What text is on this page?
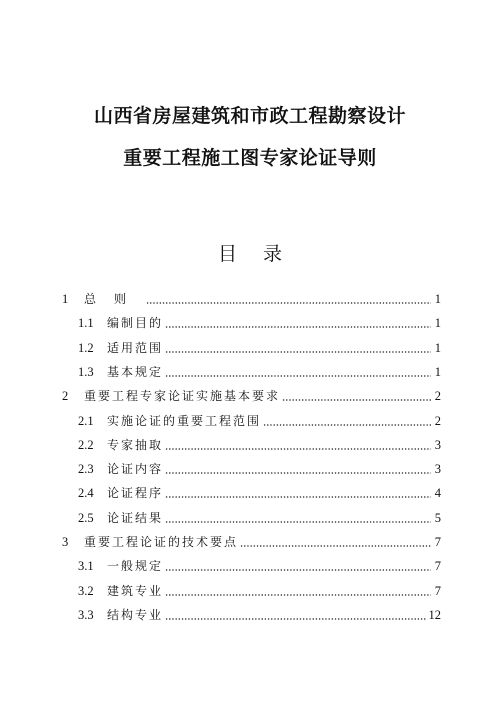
山西省房屋建筑和市政工程勘察设计
重要工程施工图专家论证导则
目 录
1	总则	1
1.1	编制目的	1
1.2	适用范围	1
1.3	基本规定	1
2	重要工程专家论证实施基本要求	2
2.1	实施论证的重要工程范围	2
2.2	专家抽取	3
2.3	论证内容	3
2.4	论证程序	4
2.5	论证结果	5
3	重要工程论证的技术要点	7
3.1	一般规定	7
3.2	建筑专业	7
3.3	结构专业	12
